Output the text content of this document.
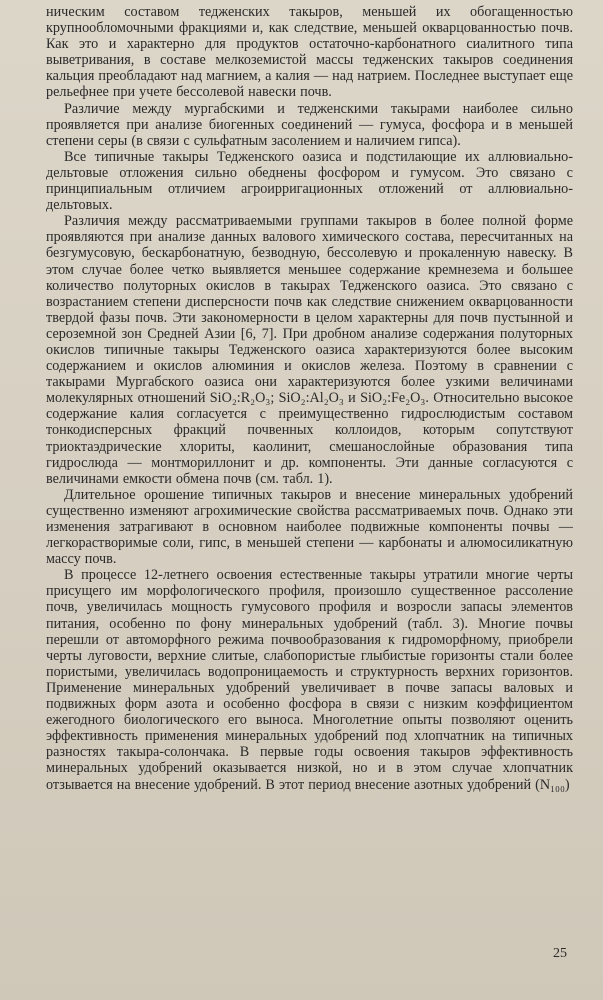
ническим составом тедженских такыров, меньшей их обогащенностью крупнообломочными фракциями и, как следствие, меньшей окварцованностью почв. Как это и характерно для продуктов остаточно-карбонатного сиалитного типа выветривания, в составе мелкоземистой массы тедженских такыров соединения кальция преобладают над магнием, а калия — над натрием. Последнее выступает еще рельефнее при учете бессолевой навески почв.

Различие между мургабскими и тедженскими такырами наиболее сильно проявляется при анализе биогенных соединений — гумуса, фосфора и в меньшей степени серы (в связи с сульфатным засолением и наличием гипса).

Все типичные такыры Тедженского оазиса и подстилающие их аллювиально-дельтовые отложения сильно обеднены фосфором и гумусом. Это связано с принципиальным отличием агроирригационных отложений от аллювиально-дельтовых.

Различия между рассматриваемыми группами такыров в более полной форме проявляются при анализе данных валового химического состава, пересчитанных на безгумусовую, бескарбонатную, безводную, бессолевую и прокаленную навеску. В этом случае более четко выявляется меньшее содержание кремнезема и большее количество полуторных окислов в такырах Тедженского оазиса. Это связано с возрастанием степени дисперсности почв как следствие снижением окварцованности твердой фазы почв. Эти закономерности в целом характерны для почв пустынной и сероземной зон Средней Азии [6, 7]. При дробном анализе содержания полуторных окислов типичные такыры Тедженского оазиса характеризуются более высоким содержанием и окислов алюминия и окислов железа. Поэтому в сравнении с такырами Мургабского оазиса они характеризуются более узкими величинами молекулярных отношений SiO₂:R₂O₃; SiO₂:Al₂O₃ и SiO₂:Fe₂O₃. Относительно высокое содержание калия согласуется с преимущественно гидрослюдистым составом тонкодисперсных фракций почвенных коллоидов, которым сопутствуют триоктаэдрические хлориты, каолинит, смешанослойные образования типа гидрослюда — монтмориллонит и др. компоненты. Эти данные согласуются с величинами емкости обмена почв (см. табл. 1).

Длительное орошение типичных такыров и внесение минеральных удобрений существенно изменяют агрохимические свойства рассматриваемых почв. Однако эти изменения затрагивают в основном наиболее подвижные компоненты почвы — легкорастворимые соли, гипс, в меньшей степени — карбонаты и алюмосиликатную массу почв.

В процессе 12-летнего освоения естественные такыры утратили многие черты присущего им морфологического профиля, произошло существенное рассоление почв, увеличилась мощность гумусового профиля и возросли запасы элементов питания, особенно по фону минеральных удобрений (табл. 3). Многие почвы перешли от автоморфного режима почвообразования к гидроморфному, приобрели черты луговости, верхние слитые, слабопористые глыбистые горизонты стали более пористыми, увеличилась водопроницаемость и структурность верхних горизонтов. Применение минеральных удобрений увеличивает в почве запасы валовых и подвижных форм азота и особенно фосфора в связи с низким коэффициентом ежегодного биологического его выноса. Многолетние опыты позволяют оценить эффективность применения минеральных удобрений под хлопчатник на типичных разностях такыра-солончака. В первые годы освоения такыров эффективность минеральных удобрений оказывается низкой, но и в этом случае хлопчатник отзывается на внесение удобрений. В этот период внесение азотных удобрений (N₁₀₀)

25
